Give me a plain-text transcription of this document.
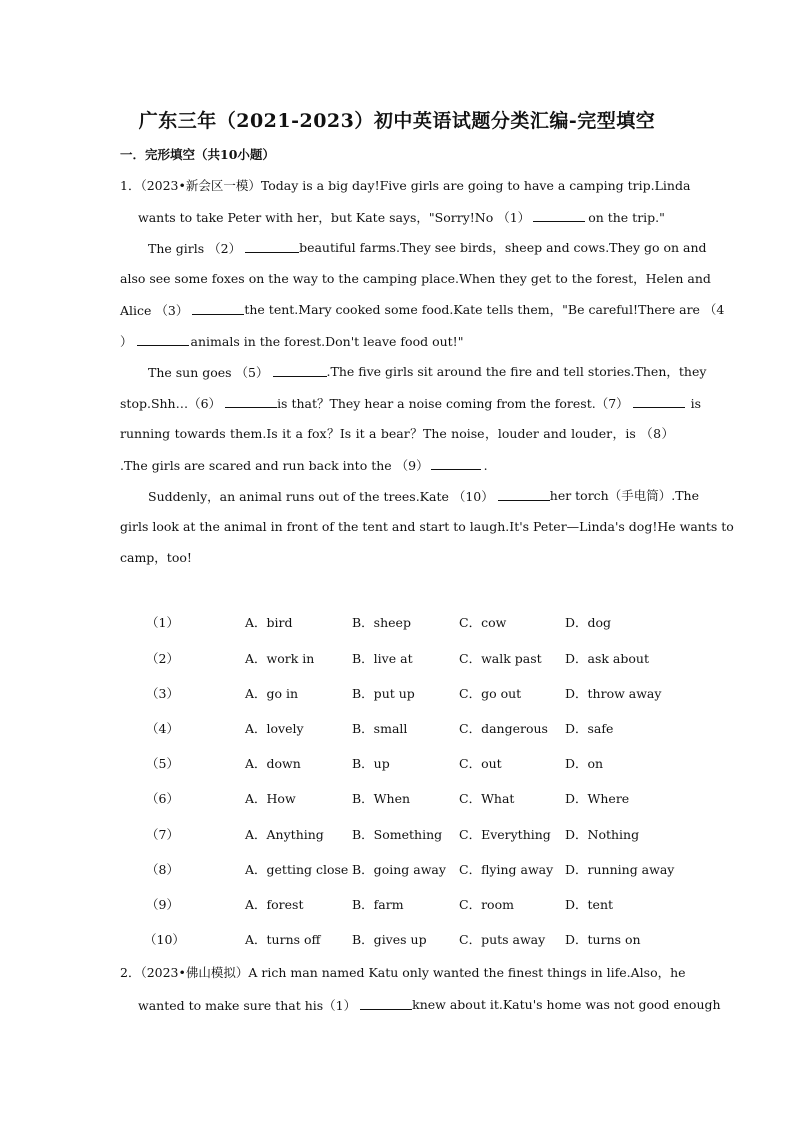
广东三年（2021-2023）初中英语试题分类汇编-完型填空
一．完形填空（共10小题）
1．（2023•新会区一模）Today is a big day!Five girls are going to have a camping trip.Linda
wants to take Peter with her，but Kate says，"Sorry!No （1）	on the trip."
The girls （2）	beautiful farms.They see birds，sheep and cows.They go on and
also see some foxes on the way to the camping place.When they get to the forest，Helen and
Alice （3）	the tent.Mary cooked some food.Kate tells them，"Be careful!There are （4
）	animals in the forest.Don't leave food out!"
The sun goes （5）	.The five girls sit around the fire and tell stories.Then，they
stop.Shh…（6）	is that？They hear a noise coming from the forest.（7）	is
running towards them.Is it a fox？Is it a bear？The noise，louder and louder，is （8）
.The girls are scared and run back into the （9）	.
Suddenly，an animal runs out of the trees.Kate （10）	her torch（手电筒）.The
girls look at the animal in front of the tent and start to laugh.It's Peter—Linda's dog!He wants to
camp，too!
（1）	A．bird	B．sheep	C．cow	D．dog
（2）	A．work in	B．live at	C．walk past D．ask about
（3）	A．go in	B．put up	C．go out	D．throw away
（4）	A．lovely	B．small	C．dangerous D．safe
（5）	A．down	B．up	C．out	D．on
（6）	A．How	B．When	C．What	D．Where
（7）	A．Anything B．Something C．Everything D．Nothing
（8）	A．getting close B．going away C．flying away D．running away
（9）	A．forest	B．farm	C．room	D．tent
（10）	A．turns off	B．gives up	C．puts away D．turns on
2．（2023•佛山模拟）A rich man named Katu only wanted the finest things in life.Also，he
wanted to make sure that his（1）	knew about it.Katu's home was not good enough
